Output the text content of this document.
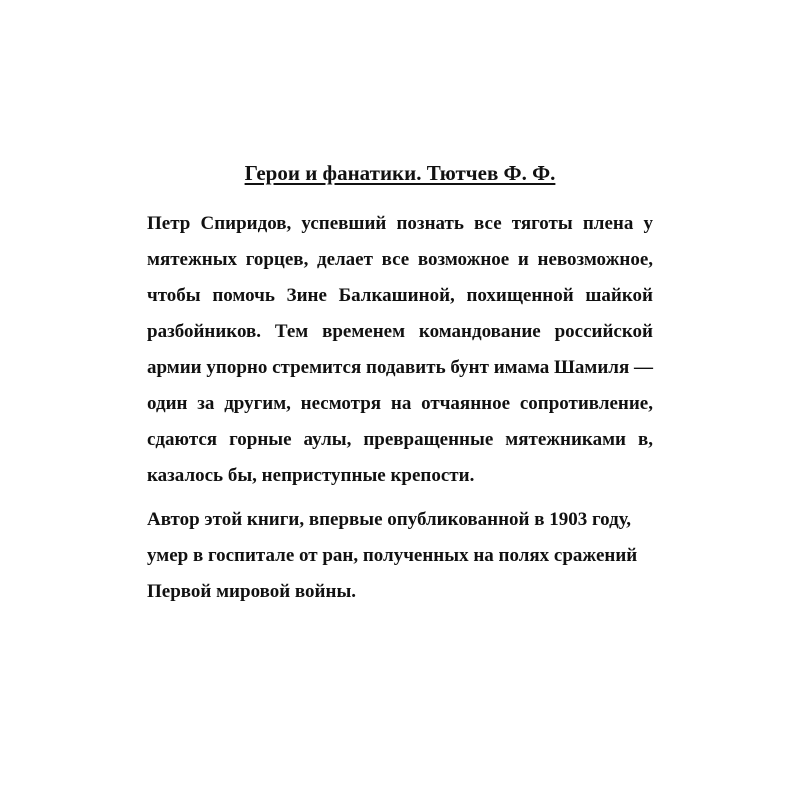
Герои и фанатики. Тютчев Ф. Ф.

Петр Спиридов, успевший познать все тяготы плена у мятежных горцев, делает все возможное и невозможное, чтобы помочь Зине Балкашиной, похищенной шайкой разбойников. Тем временем командование российской армии упорно стремится подавить бунт имама Шамиля — один за другим, несмотря на отчаянное сопротивление, сдаются горные аулы, превращенные мятежниками в, казалось бы, неприступные крепости.

Автор этой книги, впервые опубликованной в 1903 году, умер в госпитале от ран, полученных на полях сражений Первой мировой войны.
